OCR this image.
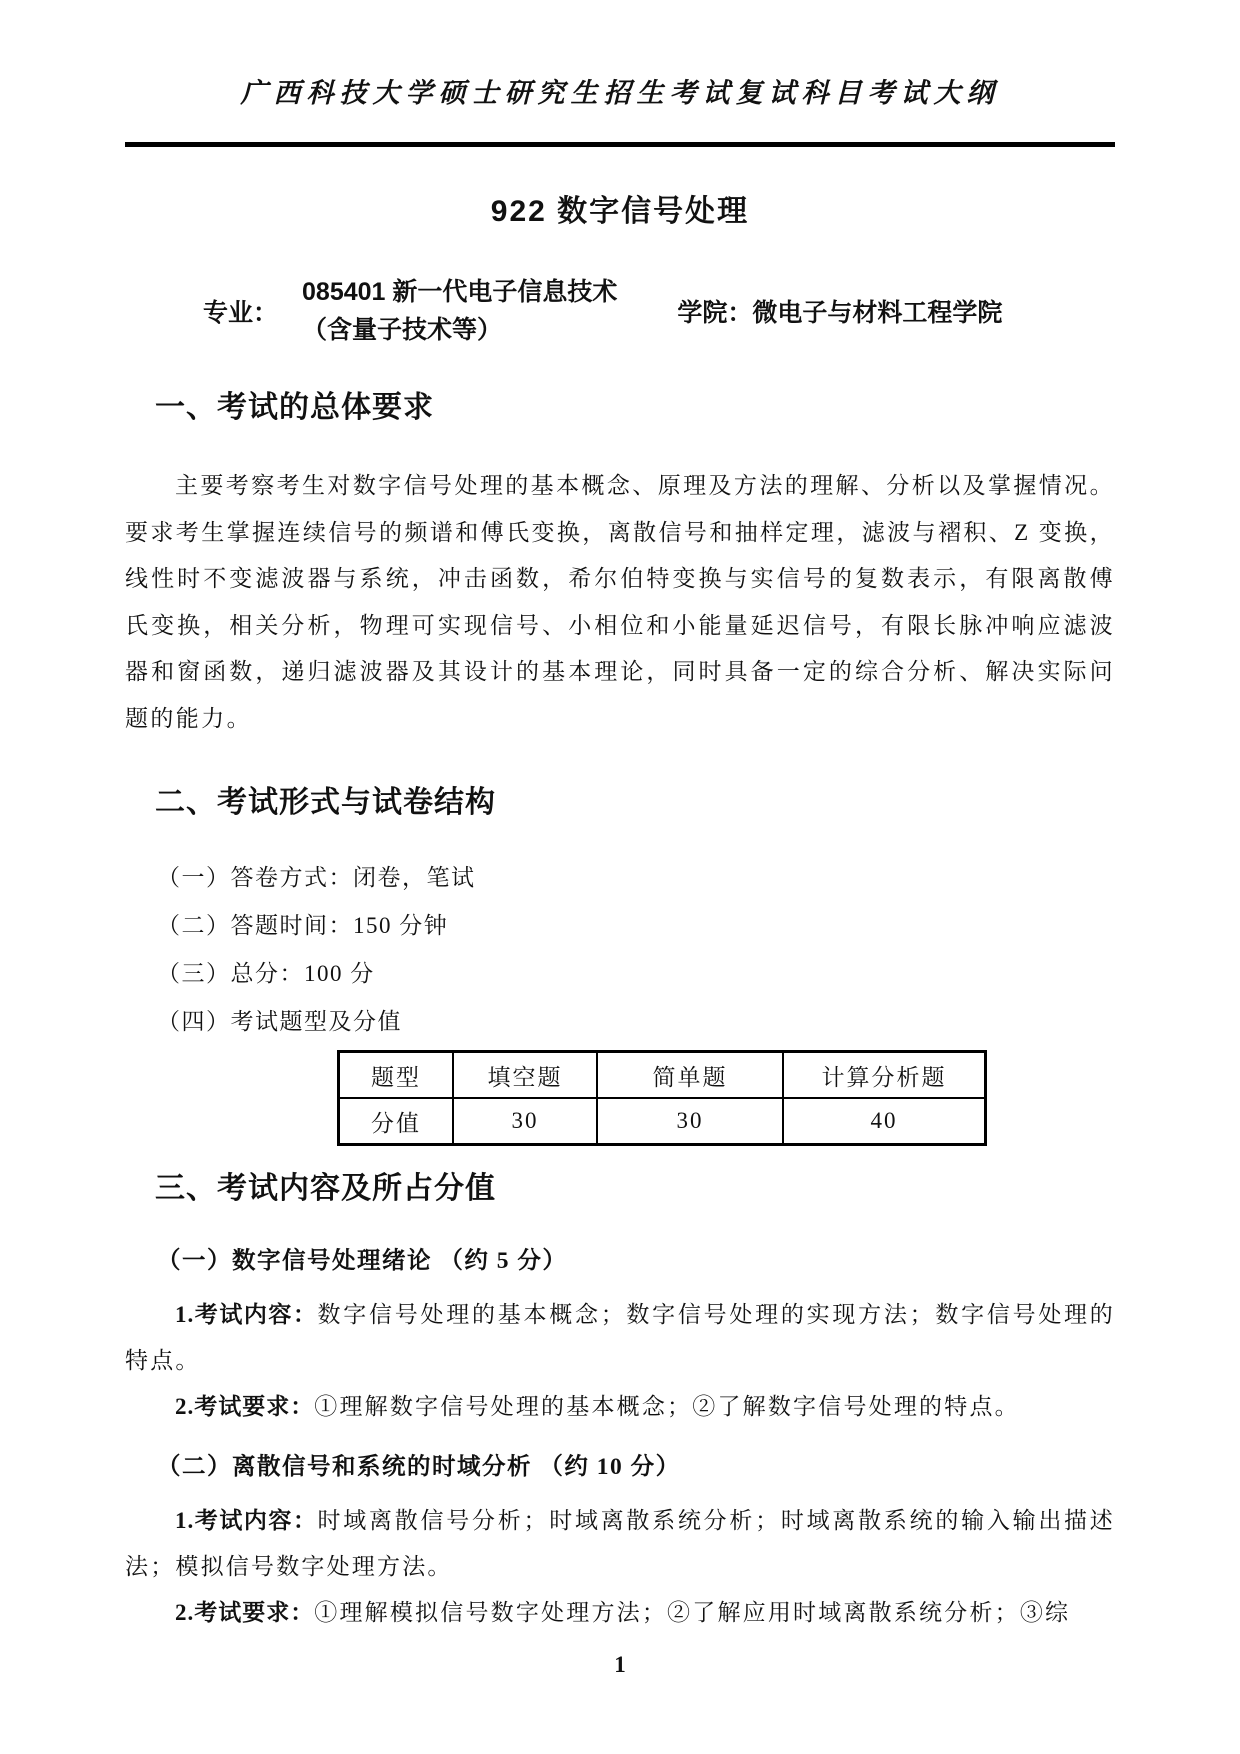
广西科技大学硕士研究生招生考试复试科目考试大纲
922 数字信号处理
专业：
085401 新一代电子信息技术
（含量子技术等）
学院：微电子与材料工程学院
一、考试的总体要求

主要考察考生对数字信号处理的基本概念、原理及方法的理解、分析以及掌握情况。要求考生掌握连续信号的频谱和傅氏变换，离散信号和抽样定理，滤波与褶积、Z 变换，线性时不变滤波器与系统，冲击函数，希尔伯特变换与实信号的复数表示，有限离散傅氏变换，相关分析，物理可实现信号、小相位和小能量延迟信号，有限长脉冲响应滤波器和窗函数，递归滤波器及其设计的基本理论，同时具备一定的综合分析、解决实际问题的能力。

二、考试形式与试卷结构
（一）答卷方式：闭卷，笔试
（二）答题时间：150 分钟
（三）总分：100 分
（四）考试题型及分值
题型	填空题	简单题	计算分析题
分值	30	30	40
三、考试内容及所占分值
（一）数字信号处理绪论 （约 5 分）

1.考试内容：数字信号处理的基本概念；数字信号处理的实现方法；数字信号处理的特点。

2.考试要求：①理解数字信号处理的基本概念；②了解数字信号处理的特点。

（二）离散信号和系统的时域分析 （约 10 分）

1.考试内容：时域离散信号分析；时域离散系统分析；时域离散系统的输入输出描述法；模拟信号数字处理方法。

2.考试要求：①理解模拟信号数字处理方法；②了解应用时域离散系统分析；③综

1
